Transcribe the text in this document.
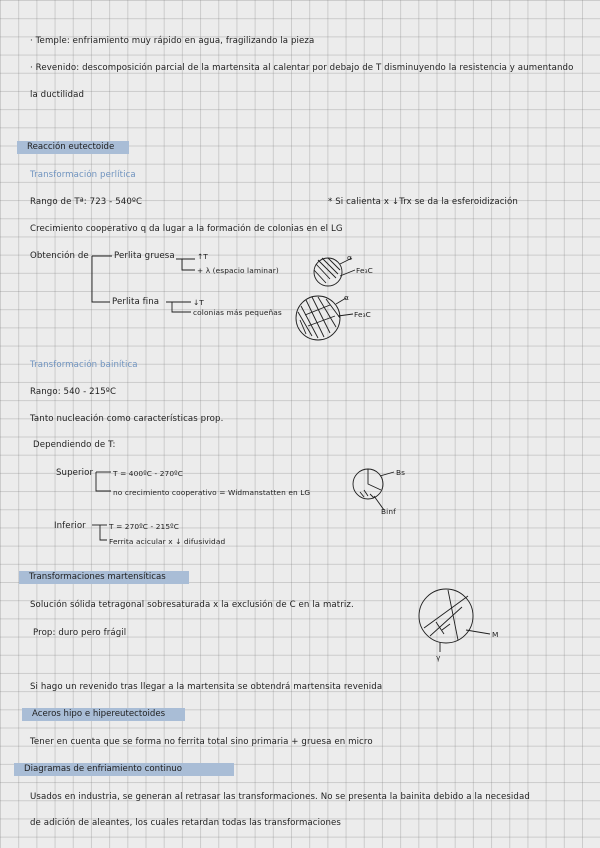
· Temple: enfriamiento muy rápido en agua, fragilizando la pieza
· Revenido: descomposición parcial de la martensita al calentar por debajo de T disminuyendo la resistencia y aumentando
la ductilidad
Reacción eutectoide
Transformación perlítica
Rango de Tª: 723 - 540ºC	* Si calienta x ↓Trx se da la esferoidización
Crecimiento cooperativo q da lugar a la formación de colonias en el LG
Obtención de	Perlita gruesa	↑T
+ λ (espacio laminar)
Perlita fina	↓T
colonias más pequeñas
α
Fe₃C
α
Fe₃C
Transformación bainítica
Rango: 540 - 215ºC
Tanto nucleación como características prop.
Dependiendo de T:
Superior	T = 400ºC - 270ºC
no crecimiento cooperativo = Widmanstatten en LG
Inferior	T = 270ºC - 215ºC
Ferrita acicular x ↓ difusividad
Bs
Binf
Transformaciones martensíticas
Solución sólida tetragonal sobresaturada x la exclusión de C en la matriz.
Prop: duro pero frágil	M
γ
Si hago un revenido tras llegar a la martensita se obtendrá martensita revenida
Aceros hipo e hipereutectoides
Tener en cuenta que se forma no ferrita total sino primaria + gruesa en micro
Diagramas de enfriamiento continuo
Usados en industria, se generan al retrasar las transformaciones. No se presenta la bainita debido a la necesidad
de adición de aleantes, los cuales retardan todas las transformaciones
